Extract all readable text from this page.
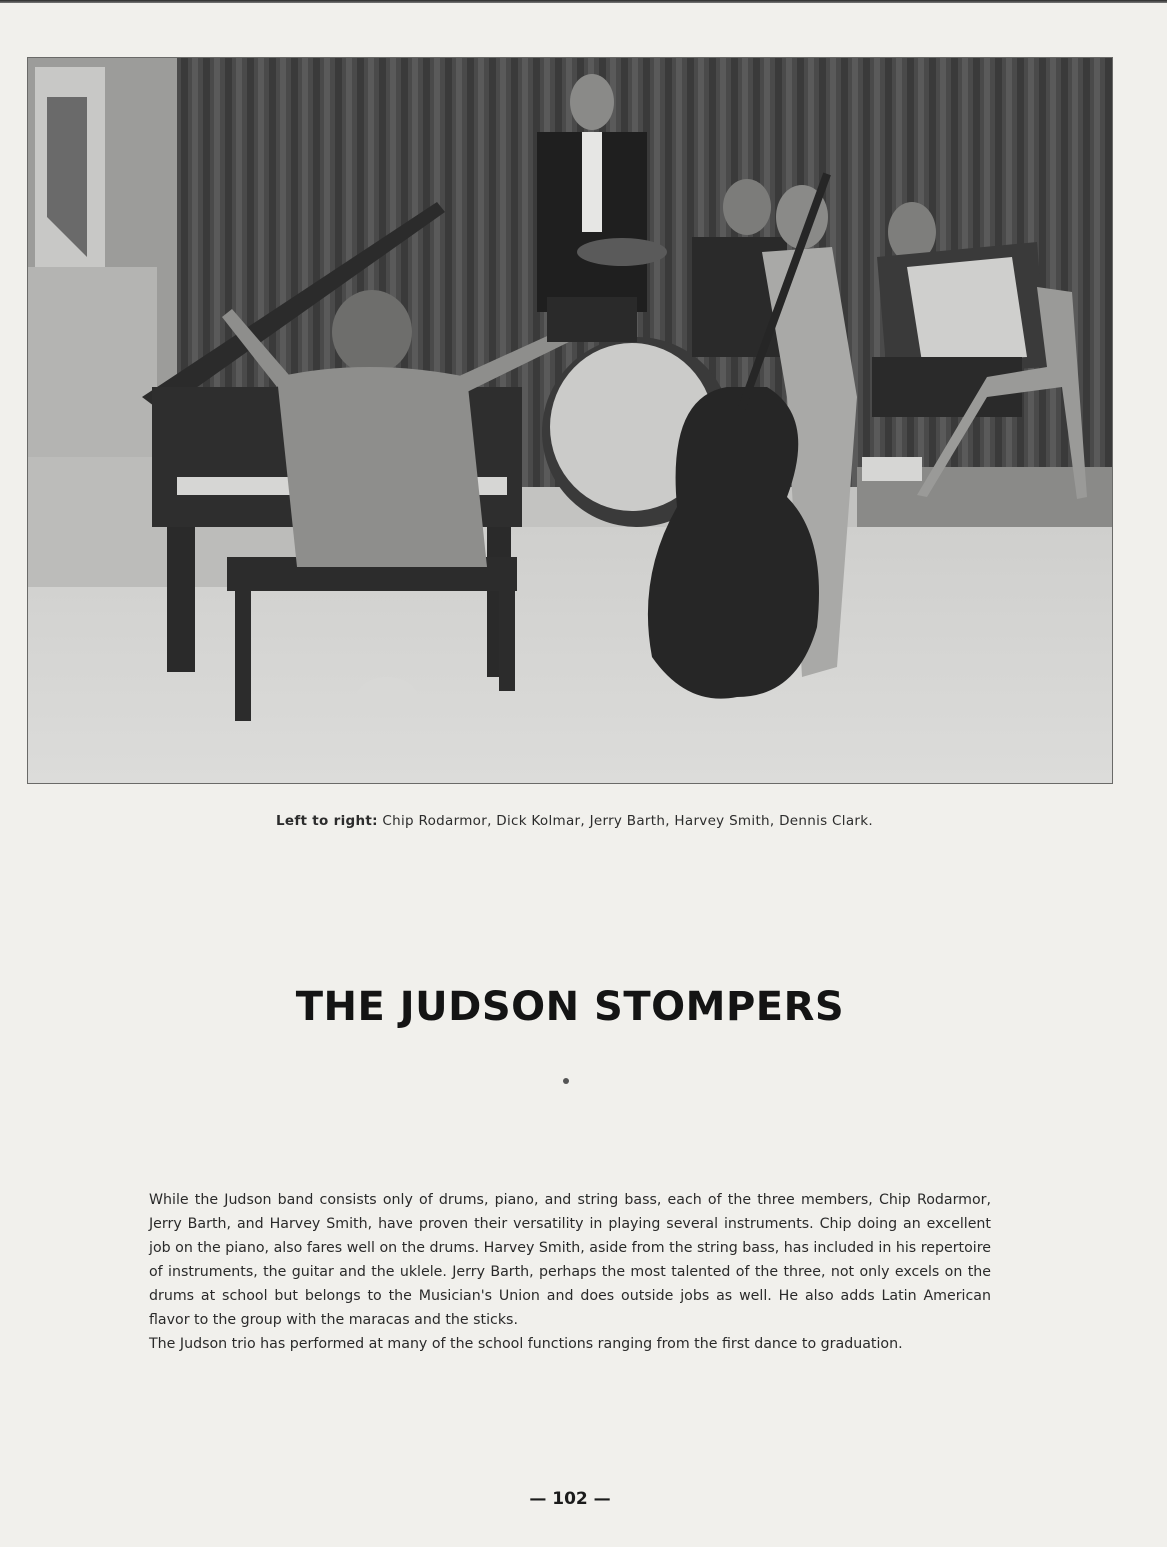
Left to right: Chip Rodarmor, Dick Kolmar, Jerry Barth, Harvey Smith, Dennis Clark.
THE JUDSON STOMPERS

While the Judson band consists only of drums, piano, and string bass, each of the three members, Chip Rodarmor, Jerry Barth, and Harvey Smith, have proven their versatility in playing several instruments. Chip doing an excellent job on the piano, also fares well on the drums. Harvey Smith, aside from the string bass, has included in his repertoire of instruments, the guitar and the uklele. Jerry Barth, perhaps the most talented of the three, not only excels on the drums at school but belongs to the Musician's Union and does outside jobs as well. He also adds Latin American flavor to the group with the maracas and the sticks.

The Judson trio has performed at many of the school functions ranging from the first dance to graduation.

— 102 —
